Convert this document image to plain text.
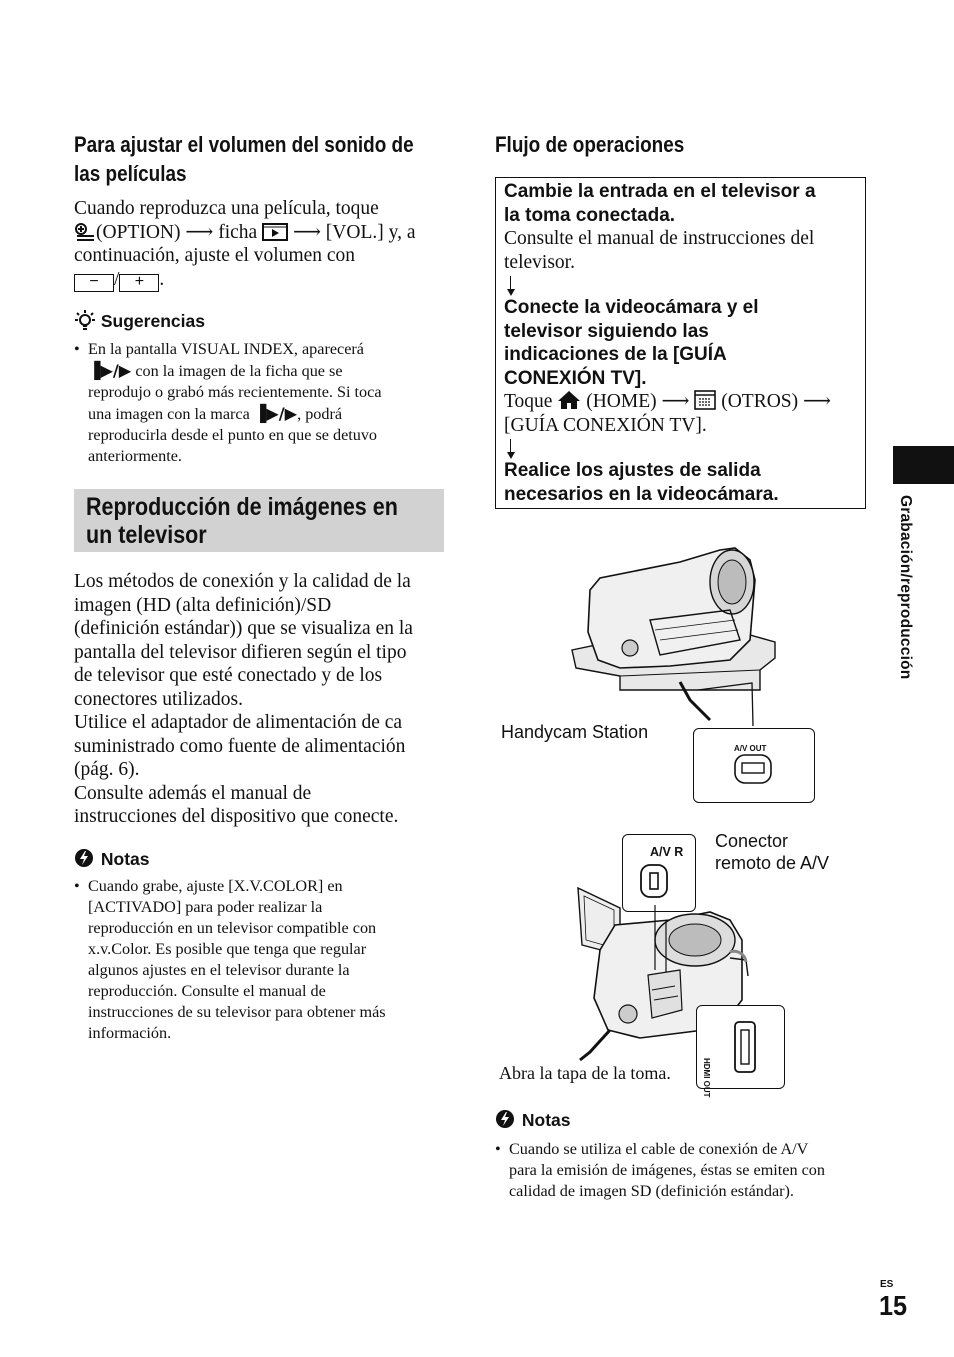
Para ajustar el volumen del sonido de
las películas
Cuando reproduzca una película, toque
(OPTION) ⟶ ficha ⟶ [VOL.] y, a
continuación, ajuste el volumen con
− / + .
Sugerencias
• En la pantalla VISUAL INDEX, aparecerá
▐▶/▶ con la imagen de la ficha que se
reprodujo o grabó más recientemente. Si toca
una imagen con la marca ▐▶/▶, podrá
reproducirla desde el punto en que se detuvo
anteriormente.
Reproducción de imágenes en
un televisor
Los métodos de conexión y la calidad de la
imagen (HD (alta definición)/SD
(definición estándar)) que se visualiza en la
pantalla del televisor difieren según el tipo
de televisor que esté conectado y de los
conectores utilizados.
Utilice el adaptador de alimentación de ca
suministrado como fuente de alimentación
(pág. 6).
Consulte además el manual de
instrucciones del dispositivo que conecte.
Notas
• Cuando grabe, ajuste [X.V.COLOR] en
[ACTIVADO] para poder realizar la
reproducción en un televisor compatible con
x.v.Color. Es posible que tenga que regular
algunos ajustes en el televisor durante la
reproducción. Consulte el manual de
instrucciones de su televisor para obtener más
información.
Flujo de operaciones
Cambie la entrada en el televisor a
la toma conectada.

Consulte el manual de instrucciones del

televisor.

Conecte la videocámara y el
televisor siguiendo las
indicaciones de la [GUÍA
CONEXIÓN TV].

Toque (HOME) ⟶ (OTROS) ⟶

[GUÍA CONEXIÓN TV].

Realice los ajustes de salida
necesarios en la videocámara.
Handycam Station
A/V OUT
A/V R
Conector
remoto de A/V
HDMI OUT
Abra la tapa de la toma.
Notas
• Cuando se utiliza el cable de conexión de A/V
para la emisión de imágenes, éstas se emiten con
calidad de imagen SD (definición estándar).
Grabación/reproducción
ES
15
